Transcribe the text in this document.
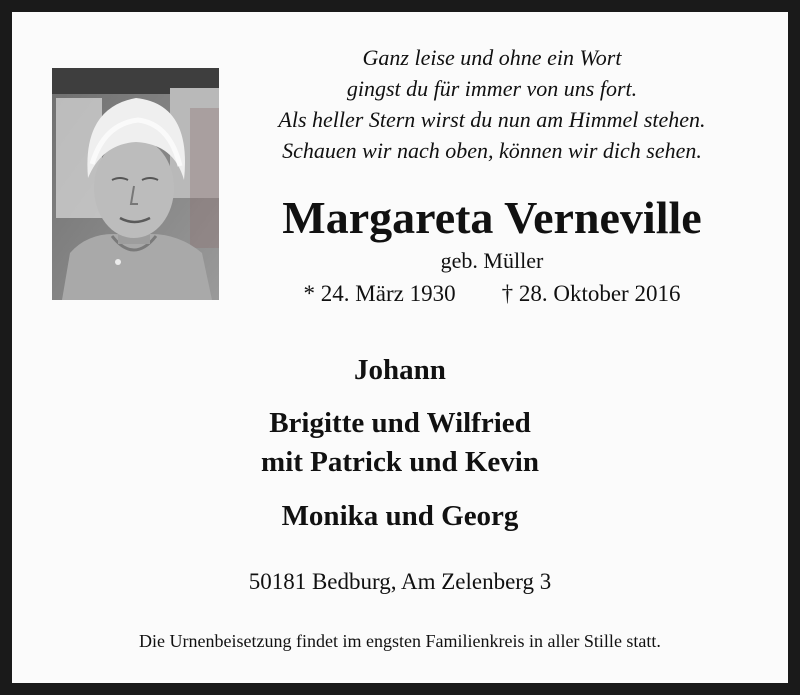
Ganz leise und ohne ein Wort
gingst du für immer von uns fort.
Als heller Stern wirst du nun am Himmel stehen.
Schauen wir nach oben, können wir dich sehen.
Margareta Verneville
geb. Müller
* 24. März 1930 † 28. Oktober 2016
Johann
Brigitte und Wilfried
mit Patrick und Kevin
Monika und Georg
50181 Bedburg, Am Zelenberg 3
Die Urnenbeisetzung findet im engsten Familienkreis in aller Stille statt.
